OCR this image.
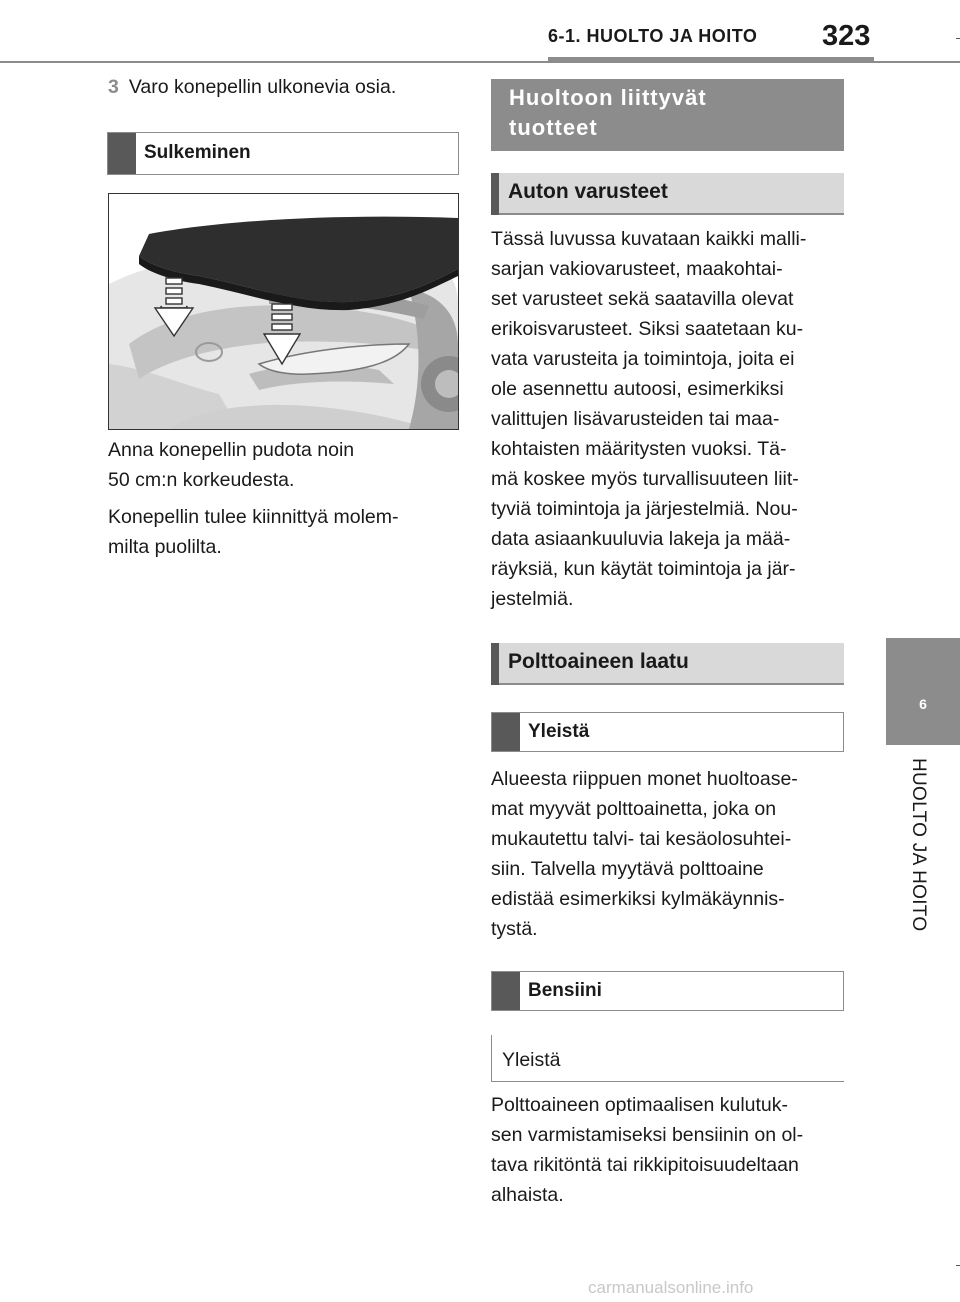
6-1. HUOLTO JA HOITO 323
6
HUOLTO JA HOITO
3 Varo konepellin ulkonevia osia.
Sulkeminen
Anna konepellin pudota noin
50 cm:n korkeudesta.
Konepellin tulee kiinnittyä molem-
milta puolilta.
Huoltoon liittyvät
tuotteet
Auton varusteet
Tässä luvussa kuvataan kaikki malli-
sarjan vakiovarusteet, maakohtai-
set varusteet sekä saatavilla olevat
erikoisvarusteet. Siksi saatetaan ku-
vata varusteita ja toimintoja, joita ei
ole asennettu autoosi, esimerkiksi
valittujen lisävarusteiden tai maa-
kohtaisten määritysten vuoksi. Tä-
mä koskee myös turvallisuuteen liit-
tyviä toimintoja ja järjestelmiä. Nou-
data asiaankuuluvia lakeja ja mää-
räyksiä, kun käytät toimintoja ja jär-
jestelmiä.
Polttoaineen laatu
Yleistä
Alueesta riippuen monet huoltoase-
mat myyvät polttoainetta, joka on
mukautettu talvi- tai kesäolosuhtei-
siin. Talvella myytävä polttoaine
edistää esimerkiksi kylmäkäynnis-
tystä.
Bensiini
Yleistä
Polttoaineen optimaalisen kulutuk-
sen varmistamiseksi bensiinin on ol-
tava rikitöntä tai rikkipitoisuudeltaan
alhaista.
carmanualsonline.info
